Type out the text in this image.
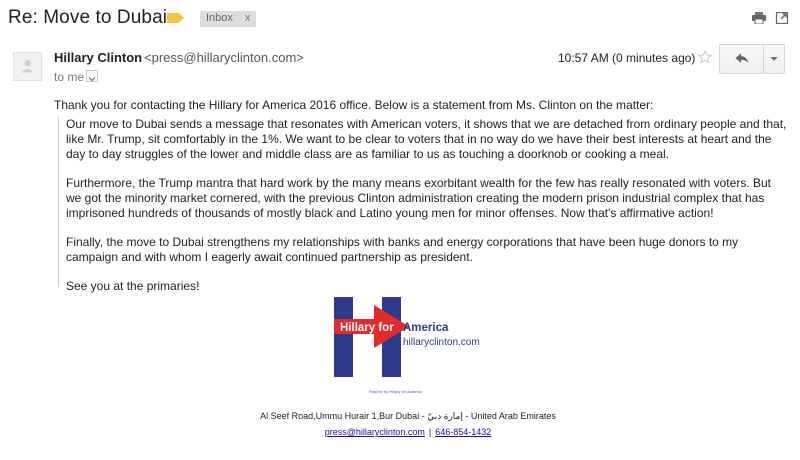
Re: Move to Dubai	Inbox x
Hillary Clinton <press@hillaryclinton.com>
to me
10:57 AM (0 minutes ago)

Thank you for contacting the Hillary for America 2016 office. Below is a statement from Ms. Clinton on the matter:

Our move to Dubai sends a message that resonates with American voters, it shows that we are detached from ordinary people and that, like Mr. Trump, sit comfortably in the 1%. We want to be clear to voters that in no way do we have their best interests at heart and the day to day struggles of the lower and middle class are as familiar to us as touching a doorknob or cooking a meal.

Furthermore, the Trump mantra that hard work by the many means exorbitant wealth for the few has really resonated with voters. But we got the minority market cornered, with the previous Clinton administration creating the modern prison industrial complex that has imprisoned hundreds of thousands of mostly black and Latino young men for minor offenses. Now that's affirmative action!

Finally, the move to Dubai strengthens my relationships with banks and energy corporations that have been huge donors to my campaign and with whom I eagerly await continued partnership as president.

See you at the primaries!

Hillary for America
hillaryclinton.com
Paid for by Hillary for America
Al Seef Road,Ummu Hurair 1,Bur Dubai - إمارة دبيّ - United Arab Emirates
press@hillaryclinton.com | 646-854-1432
